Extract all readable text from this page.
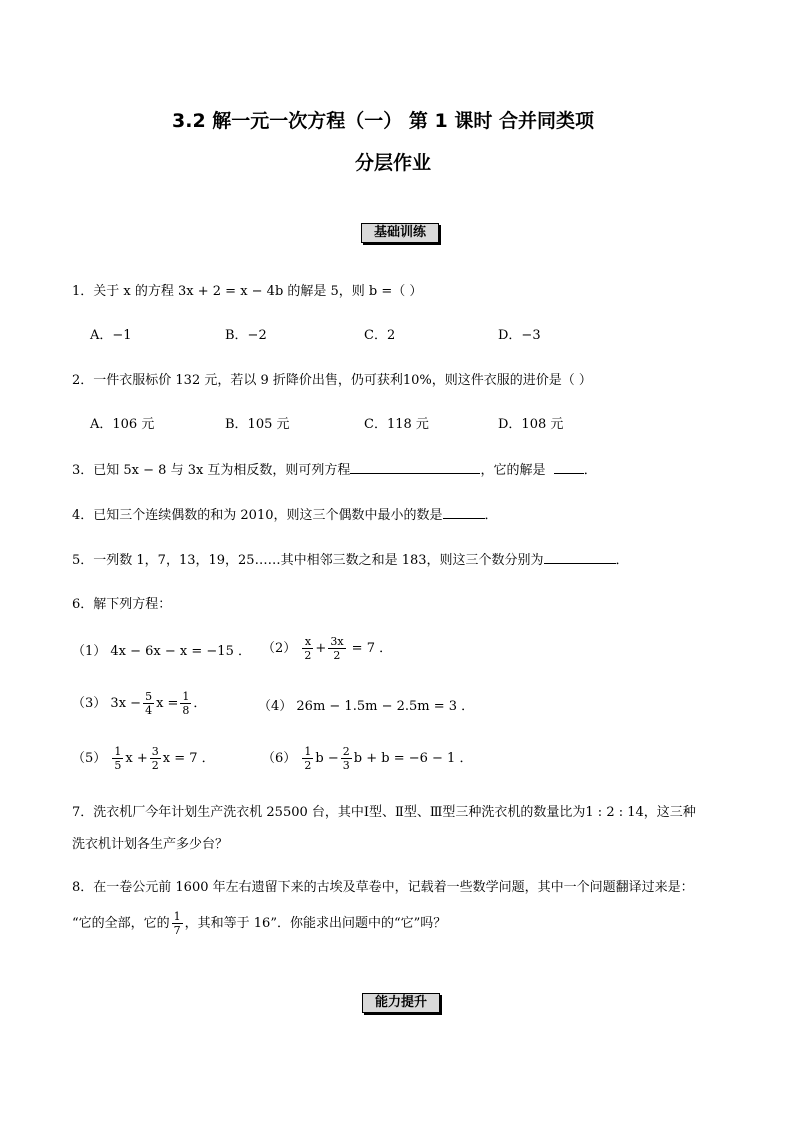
3.2 解一元一次方程（一） 第 1 课时 合并同类项
分层作业
基础训练
1．关于 x 的方程 3x + 2 = x − 4b 的解是 5，则 b =（ ）
A．−1	B．−2	C．2	D．−3
2．一件衣服标价 132 元，若以 9 折降价出售，仍可获利10%，则这件衣服的进价是（ ）
A．106 元	B．105 元	C．118 元	D．108 元
3．已知 5x − 8 与 3x 互为相反数，则可列方程	，它的解是	．
4．已知三个连续偶数的和为 2010，则这三个偶数中最小的数是	．
5．一列数 1，7，13，19，25……其中相邻三数之和是 183，则这三个数分别为	．
6．解下列方程：
（1） 4x − 6x − x = −15 ． $(2) \frac{x}{2} + \frac{3x}{2} = 7$ ．
（3） $3x - \frac{5}{4}$ $x = \frac{1}{8}$ ．	（4） 26m − 1.5m − 2.5m = 3 ．
$(5) \frac{1}{5}$ $x + \frac{3}{2}$ x = 7 ．	$(6) \frac{1}{2}$ $b - \frac{2}{3}$ b + b = −6 − 1 ．
7．洗衣机厂今年计划生产洗衣机 25500 台，其中Ⅰ型、Ⅱ型、Ⅲ型三种洗衣机的数量比为1 : 2 : 14，这三种
洗衣机计划各生产多少台？
8．在一卷公元前 1600 年左右遗留下来的古埃及草卷中，记载着一些数学问题，其中一个问题翻译过来是：
“它的全部，它的 $\frac{1}{7}$ ，其和等于 16”．你能求出问题中的“它”吗？
能力提升
